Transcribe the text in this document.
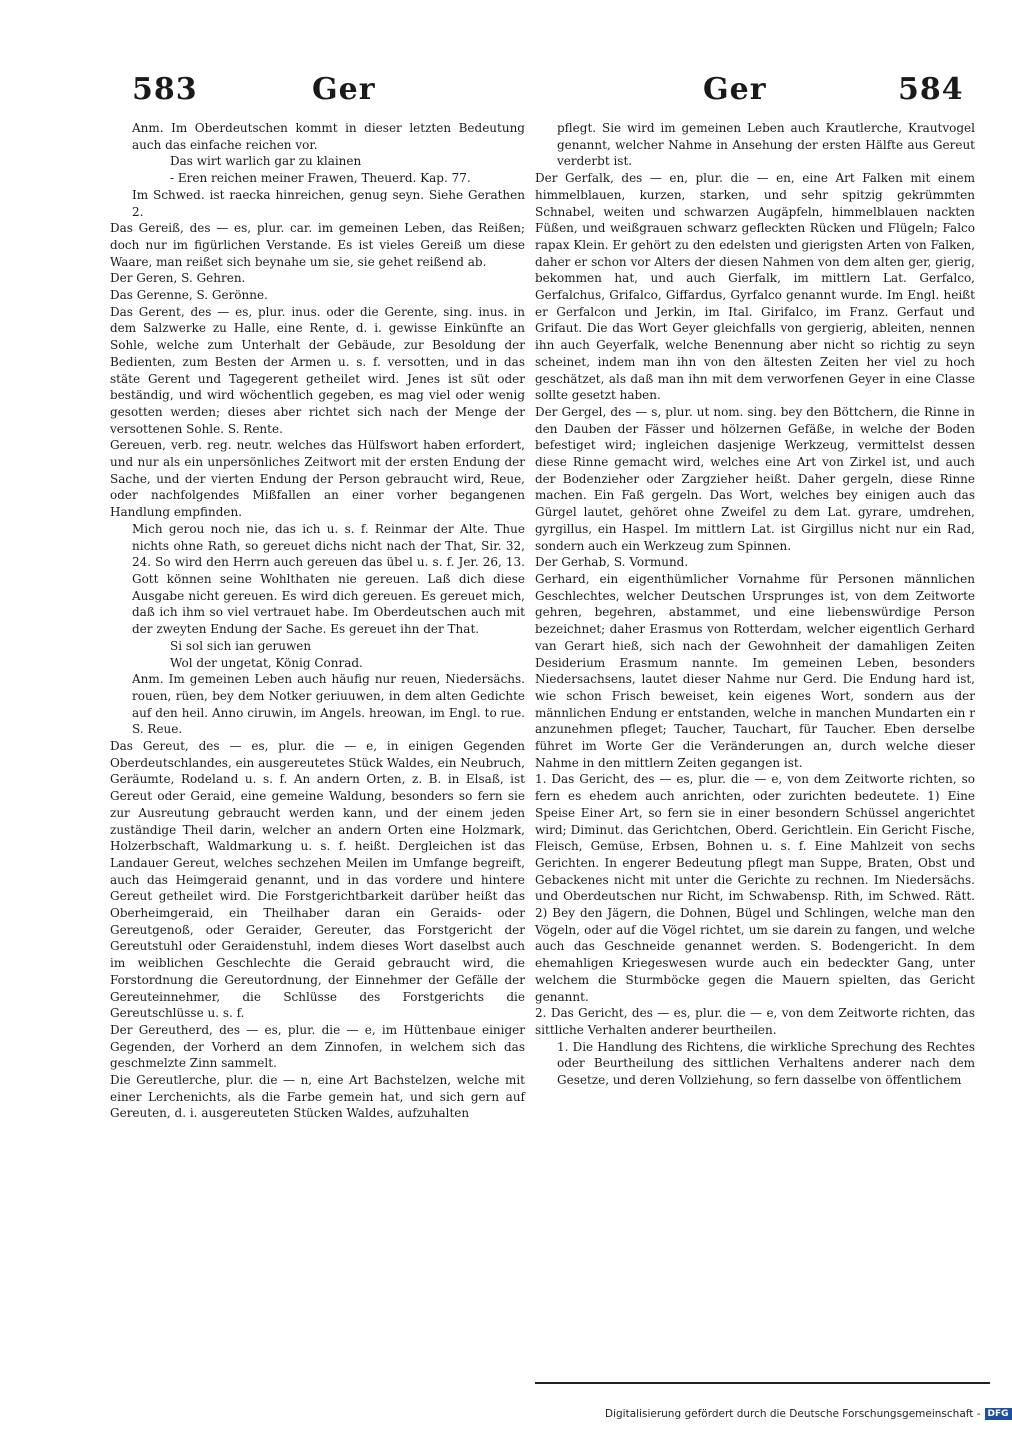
583	Ger	Ger	584

Anm. Im Oberdeutschen kommt in dieser letzten Bedeutung auch das einfache reichen vor.

Das wirt warlich gar zu klainen

- Eren reichen meiner Frawen, Theuerd. Kap. 77.

Im Schwed. ist raecka hinreichen, genug seyn. Siehe Gerathen 2.

Das Gereiß, des — es, plur. car. im gemeinen Leben, das Reißen; doch nur im figürlichen Verstande. Es ist vieles Gereiß um diese Waare, man reißet sich beynahe um sie, sie gehet reißend ab.

Der Geren, S. Gehren.

Das Gerenne, S. Gerönne.

Das Gerent, des — es, plur. inus. oder die Gerente, sing. inus. in dem Salzwerke zu Halle, eine Rente, d. i. gewisse Einkünfte an Sohle, welche zum Unterhalt der Gebäude, zur Besoldung der Bedienten, zum Besten der Armen u. s. f. versotten, und in das stäte Gerent und Tagegerent getheilet wird. Jenes ist süt oder beständig, und wird wöchentlich gegeben, es mag viel oder wenig gesotten werden; dieses aber richtet sich nach der Menge der versottenen Sohle. S. Rente.

Gereuen, verb. reg. neutr. welches das Hülfswort haben erfordert, und nur als ein unpersönliches Zeitwort mit der ersten Endung der Sache, und der vierten Endung der Person gebraucht wird, Reue, oder nachfolgendes Mißfallen an einer vorher begangenen Handlung empfinden.

Mich gerou noch nie, das ich u. s. f. Reinmar der Alte. Thue nichts ohne Rath, so gereuet dichs nicht nach der That, Sir. 32, 24. So wird den Herrn auch gereuen das übel u. s. f. Jer. 26, 13. Gott können seine Wohlthaten nie gereuen. Laß dich diese Ausgabe nicht gereuen. Es wird dich gereuen. Es gereuet mich, daß ich ihm so viel vertrauet habe. Im Oberdeutschen auch mit der zweyten Endung der Sache. Es gereuet ihn der That.

Si sol sich ian geruwen

Wol der ungetat, König Conrad.

Anm. Im gemeinen Leben auch häufig nur reuen, Niedersächs. rouen, rüen, bey dem Notker geriuuwen, in dem alten Gedichte auf den heil. Anno ciruwin, im Angels. hreowan, im Engl. to rue. S. Reue.

Das Gereut, des — es, plur. die — e, in einigen Gegenden Oberdeutschlandes, ein ausgereutetes Stück Waldes, ein Neubruch, Geräumte, Rodeland u. s. f. An andern Orten, z. B. in Elsaß, ist Gereut oder Geraid, eine gemeine Waldung, besonders so fern sie zur Ausreutung gebraucht werden kann, und der einem jeden zuständige Theil darin, welcher an andern Orten eine Holzmark, Holzerbschaft, Waldmarkung u. s. f. heißt. Dergleichen ist das Landauer Gereut, welches sechzehen Meilen im Umfange begreift, auch das Heimgeraid genannt, und in das vordere und hintere Gereut getheilet wird. Die Forstgerichtbarkeit darüber heißt das Oberheimgeraid, ein Theilhaber daran ein Geraids- oder Gereutgenoß, oder Geraider, Gereuter, das Forstgericht der Gereutstuhl oder Geraidenstuhl, indem dieses Wort daselbst auch im weiblichen Geschlechte die Geraid gebraucht wird, die Forstordnung die Gereutordnung, der Einnehmer der Gefälle der Gereuteinnehmer, die Schlüsse des Forstgerichts die Gereutschlüsse u. s. f.

Der Gereutherd, des — es, plur. die — e, im Hüttenbaue einiger Gegenden, der Vorherd an dem Zinnofen, in welchem sich das geschmelzte Zinn sammelt.

Die Gereutlerche, plur. die — n, eine Art Bachstelzen, welche mit einer Lerchenichts, als die Farbe gemein hat, und sich gern auf Gereuten, d. i. ausgereuteten Stücken Waldes, aufzuhalten

pflegt. Sie wird im gemeinen Leben auch Krautlerche, Krautvogel genannt, welcher Nahme in Ansehung der ersten Hälfte aus Gereut verderbt ist.

Der Gerfalk, des — en, plur. die — en, eine Art Falken mit einem himmelblauen, kurzen, starken, und sehr spitzig gekrümmten Schnabel, weiten und schwarzen Augäpfeln, himmelblauen nackten Füßen, und weißgrauen schwarz gefleckten Rücken und Flügeln; Falco rapax Klein. Er gehört zu den edelsten und gierigsten Arten von Falken, daher er schon vor Alters der diesen Nahmen von dem alten ger, gierig, bekommen hat, und auch Gierfalk, im mittlern Lat. Gerfalco, Gerfalchus, Grifalco, Giffardus, Gyrfalco genannt wurde. Im Engl. heißt er Gerfalcon und Jerkin, im Ital. Girifalco, im Franz. Gerfaut und Grifaut. Die das Wort Geyer gleichfalls von gergierig, ableiten, nennen ihn auch Geyerfalk, welche Benennung aber nicht so richtig zu seyn scheinet, indem man ihn von den ältesten Zeiten her viel zu hoch geschätzet, als daß man ihn mit dem verworfenen Geyer in eine Classe sollte gesetzt haben.

Der Gergel, des — s, plur. ut nom. sing. bey den Böttchern, die Rinne in den Dauben der Fässer und hölzernen Gefäße, in welche der Boden befestiget wird; ingleichen dasjenige Werkzeug, vermittelst dessen diese Rinne gemacht wird, welches eine Art von Zirkel ist, und auch der Bodenzieher oder Zargzieher heißt. Daher gergeln, diese Rinne machen. Ein Faß gergeln. Das Wort, welches bey einigen auch das Gürgel lautet, gehöret ohne Zweifel zu dem Lat. gyrare, umdrehen, gyrgillus, ein Haspel. Im mittlern Lat. ist Girgillus nicht nur ein Rad, sondern auch ein Werkzeug zum Spinnen.

Der Gerhab, S. Vormund.

Gerhard, ein eigenthümlicher Vornahme für Personen männlichen Geschlechtes, welcher Deutschen Ursprunges ist, von dem Zeitworte gehren, begehren, abstammet, und eine liebenswürdige Person bezeichnet; daher Erasmus von Rotterdam, welcher eigentlich Gerhard van Gerart hieß, sich nach der Gewohnheit der damahligen Zeiten Desiderium Erasmum nannte. Im gemeinen Leben, besonders Niedersachsens, lautet dieser Nahme nur Gerd. Die Endung hard ist, wie schon Frisch beweiset, kein eigenes Wort, sondern aus der männlichen Endung er entstanden, welche in manchen Mundarten ein r anzunehmen pfleget; Taucher, Tauchart, für Taucher. Eben derselbe führet im Worte Ger die Veränderungen an, durch welche dieser Nahme in den mittlern Zeiten gegangen ist.

1. Das Gericht, des — es, plur. die — e, von dem Zeitworte richten, so fern es ehedem auch anrichten, oder zurichten bedeutete. 1) Eine Speise Einer Art, so fern sie in einer besondern Schüssel angerichtet wird; Diminut. das Gerichtchen, Oberd. Gerichtlein. Ein Gericht Fische, Fleisch, Gemüse, Erbsen, Bohnen u. s. f. Eine Mahlzeit von sechs Gerichten. In engerer Bedeutung pflegt man Suppe, Braten, Obst und Gebackenes nicht mit unter die Gerichte zu rechnen. Im Niedersächs. und Oberdeutschen nur Richt, im Schwabensp. Rith, im Schwed. Rätt. 2) Bey den Jägern, die Dohnen, Bügel und Schlingen, welche man den Vögeln, oder auf die Vögel richtet, um sie darein zu fangen, und welche auch das Geschneide genannet werden. S. Bodengericht. In dem ehemahligen Kriegeswesen wurde auch ein bedeckter Gang, unter welchem die Sturmböcke gegen die Mauern spielten, das Gericht genannt.

2. Das Gericht, des — es, plur. die — e, von dem Zeitworte richten, das sittliche Verhalten anderer beurtheilen.

1. Die Handlung des Richtens, die wirkliche Sprechung des Rechtes oder Beurtheilung des sittlichen Verhaltens anderer nach dem Gesetze, und deren Vollziehung, so fern dasselbe von öffentlichem

Digitalisierung gefördert durch die Deutsche Forschungsgemeinschaft - DFG
